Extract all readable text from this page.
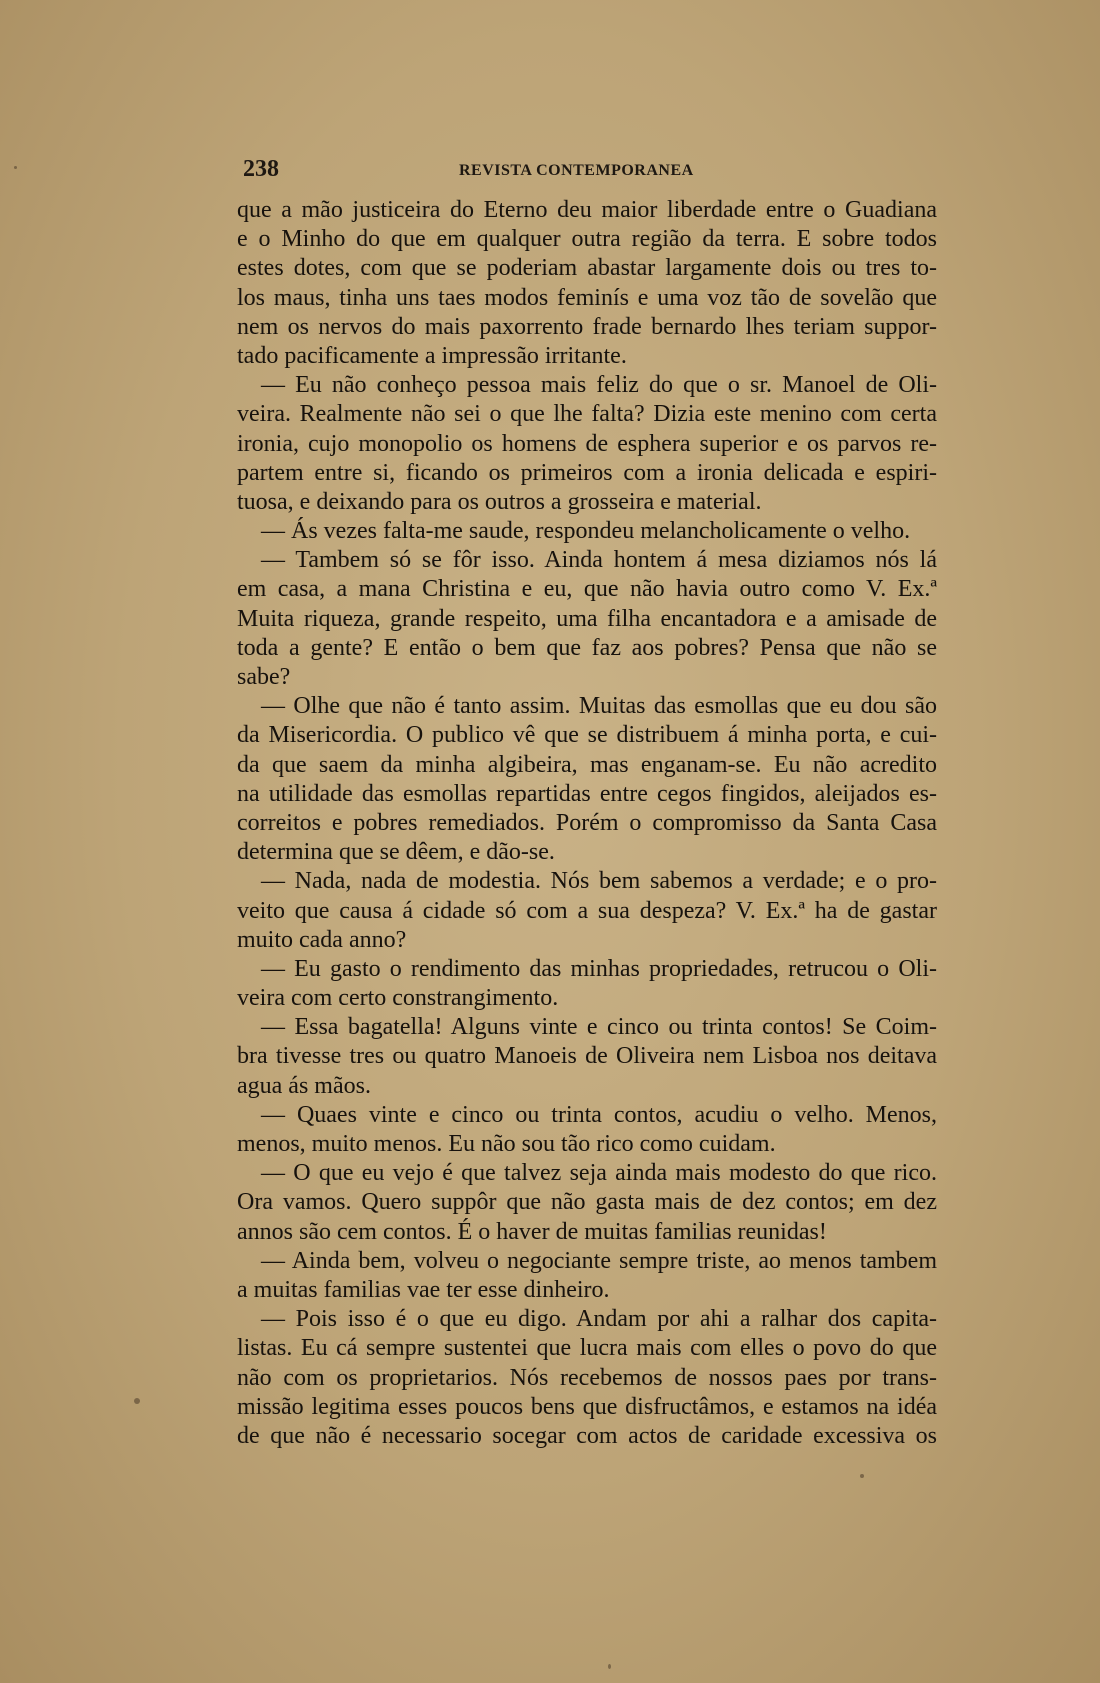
238	REVISTA CONTEMPORANEA
que a mão justiceira do Eterno deu maior liberdade entre o Guadiana
e o Minho do que em qualquer outra região da terra. E sobre todos
estes dotes, com que se poderiam abastar largamente dois ou tres to-
los maus, tinha uns taes modos feminís e uma voz tão de sovelão que
nem os nervos do mais paxorrento frade bernardo lhes teriam suppor-
tado pacificamente a impressão irritante.
— Eu não conheço pessoa mais feliz do que o sr. Manoel de Oli-
veira. Realmente não sei o que lhe falta? Dizia este menino com certa
ironia, cujo monopolio os homens de esphera superior e os parvos re-
partem entre si, ficando os primeiros com a ironia delicada e espiri-
tuosa, e deixando para os outros a grosseira e material.
— Ás vezes falta-me saude, respondeu melancholicamente o velho.
— Tambem só se fôr isso. Ainda hontem á mesa diziamos nós lá
em casa, a mana Christina e eu, que não havia outro como V. Ex.ª
Muita riqueza, grande respeito, uma filha encantadora e a amisade de
toda a gente? E então o bem que faz aos pobres? Pensa que não se
sabe?
— Olhe que não é tanto assim. Muitas das esmollas que eu dou são
da Misericordia. O publico vê que se distribuem á minha porta, e cui-
da que saem da minha algibeira, mas enganam-se. Eu não acredito
na utilidade das esmollas repartidas entre cegos fingidos, aleijados es-
correitos e pobres remediados. Porém o compromisso da Santa Casa
determina que se dêem, e dão-se.
— Nada, nada de modestia. Nós bem sabemos a verdade; e o pro-
veito que causa á cidade só com a sua despeza? V. Ex.ª ha de gastar
muito cada anno?
— Eu gasto o rendimento das minhas propriedades, retrucou o Oli-
veira com certo constrangimento.
— Essa bagatella! Alguns vinte e cinco ou trinta contos! Se Coim-
bra tivesse tres ou quatro Manoeis de Oliveira nem Lisboa nos deitava
agua ás mãos.
— Quaes vinte e cinco ou trinta contos, acudiu o velho. Menos,
menos, muito menos. Eu não sou tão rico como cuidam.
— O que eu vejo é que talvez seja ainda mais modesto do que rico.
Ora vamos. Quero suppôr que não gasta mais de dez contos; em dez
annos são cem contos. É o haver de muitas familias reunidas!
— Ainda bem, volveu o negociante sempre triste, ao menos tambem
a muitas familias vae ter esse dinheiro.
— Pois isso é o que eu digo. Andam por ahi a ralhar dos capita-
listas. Eu cá sempre sustentei que lucra mais com elles o povo do que
não com os proprietarios. Nós recebemos de nossos paes por trans-
missão legitima esses poucos bens que disfructâmos, e estamos na idéa
de que não é necessario socegar com actos de caridade excessiva os
